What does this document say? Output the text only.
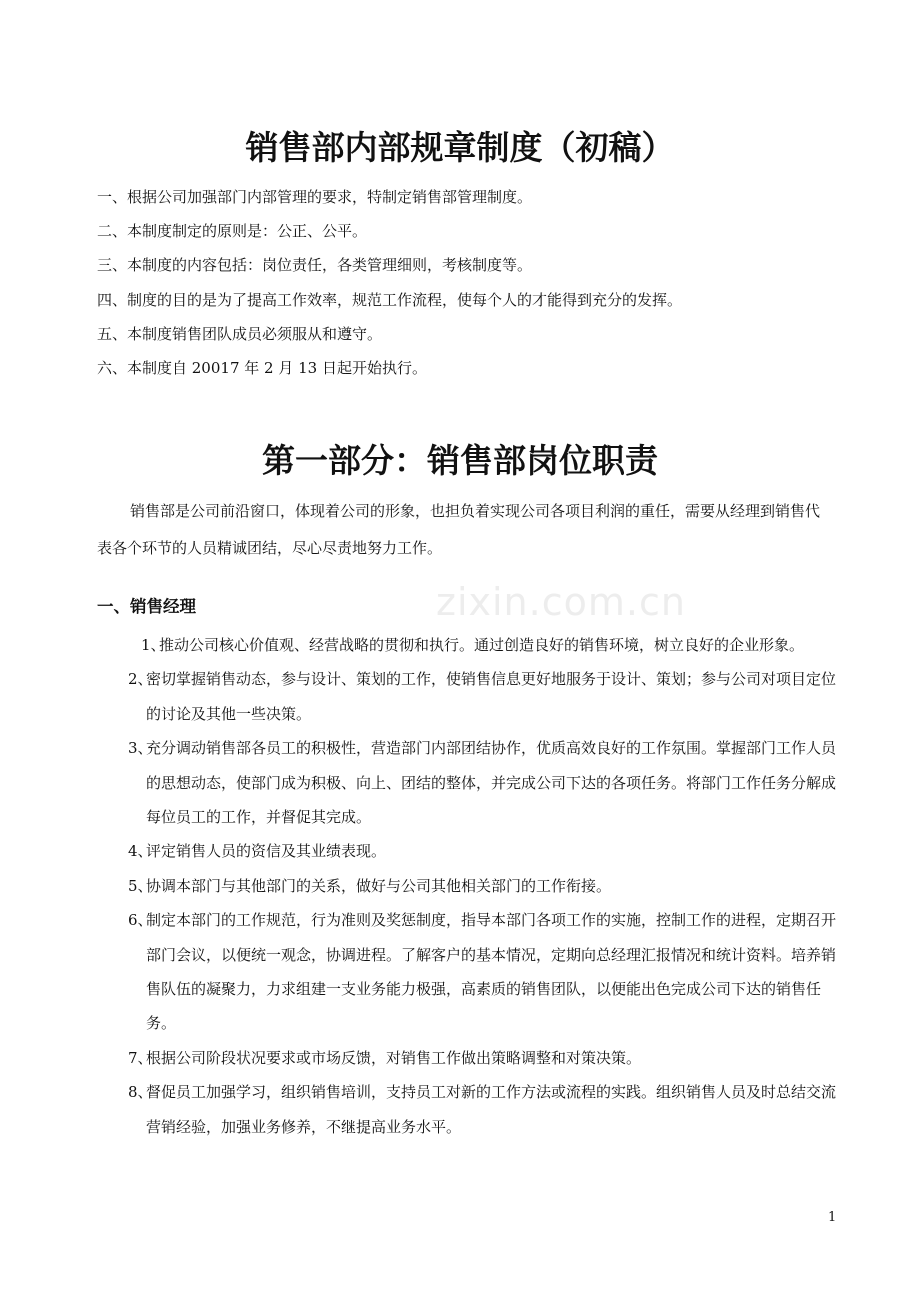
zixin.com.cn
销售部内部规章制度（初稿）
一、根据公司加强部门内部管理的要求，特制定销售部管理制度。
二、本制度制定的原则是：公正、公平。
三、本制度的内容包括：岗位责任，各类管理细则，考核制度等。
四、制度的目的是为了提高工作效率，规范工作流程，使每个人的才能得到充分的发挥。
五、本制度销售团队成员必须服从和遵守。
六、本制度自 20017 年 2 月 13 日起开始执行。
第一部分：销售部岗位职责

销售部是公司前沿窗口，体现着公司的形象，也担负着实现公司各项目利润的重任，需要从经理到销售代表各个环节的人员精诚团结，尽心尽责地努力工作。

一、销售经理
1、
推动公司核心价值观、经营战略的贯彻和执行。通过创造良好的销售环境，树立良好的企业形象。
2、
密切掌握销售动态，参与设计、策划的工作，使销售信息更好地服务于设计、策划；参与公司对项目定位的讨论及其他一些决策。
3、
充分调动销售部各员工的积极性，营造部门内部团结协作，优质高效良好的工作氛围。掌握部门工作人员的思想动态，使部门成为积极、向上、团结的整体，并完成公司下达的各项任务。将部门工作任务分解成每位员工的工作，并督促其完成。
4、
评定销售人员的资信及其业绩表现。
5、
协调本部门与其他部门的关系，做好与公司其他相关部门的工作衔接。
6、
制定本部门的工作规范，行为准则及奖惩制度，指导本部门各项工作的实施，控制工作的进程，定期召开部门会议，以便统一观念，协调进程。了解客户的基本情况，定期向总经理汇报情况和统计资料。培养销售队伍的凝聚力，力求组建一支业务能力极强，高素质的销售团队，以便能出色完成公司下达的销售任务。
7、
根据公司阶段状况要求或市场反馈，对销售工作做出策略调整和对策决策。
8、
督促员工加强学习，组织销售培训，支持员工对新的工作方法或流程的实践。组织销售人员及时总结交流营销经验，加强业务修养，不继提高业务水平。
1
